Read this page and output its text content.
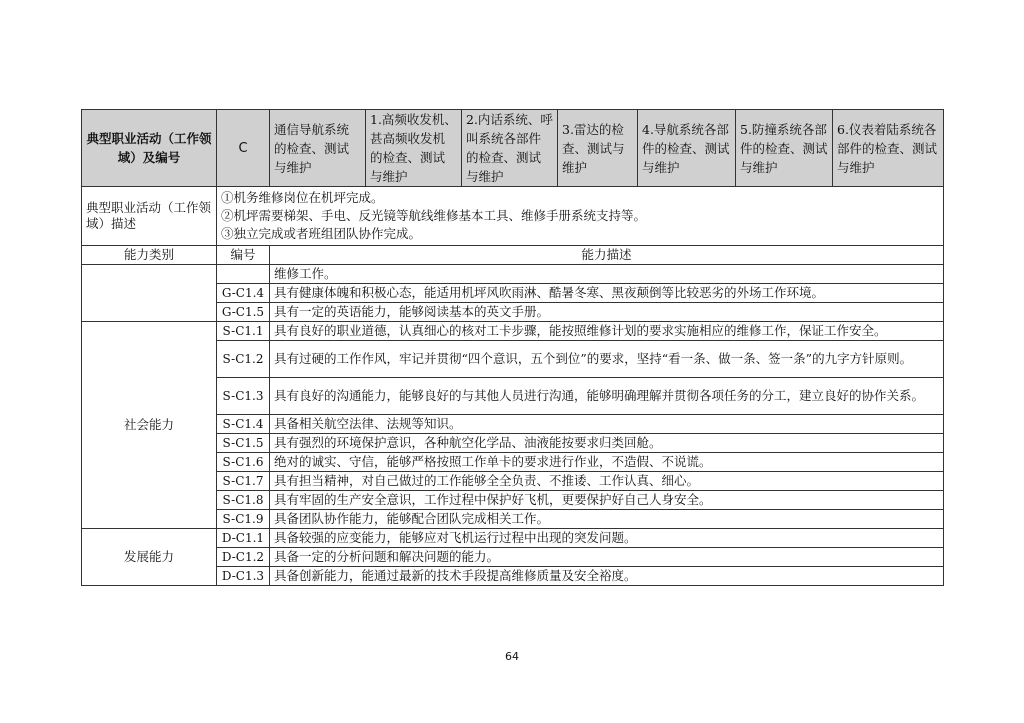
典型职业活动（工作领域）及编号	C	通信导航系统的检查、测试与维护	1.高频收发机、甚高频收发机的检查、测试与维护	2.内话系统、呼叫系统各部件的检查、测试与维护	3.雷达的检查、测试与维护	4.导航系统各部件的检查、测试与维护	5.防撞系统各部件的检查、测试与维护	6.仪表着陆系统各部件的检查、测试与维护
典型职业活动（工作领域）描述	①机务维修岗位在机坪完成。
②机坪需要梯架、手电、反光镜等航线维修基本工具、维修手册系统支持等。
③独立完成或者班组团队协作完成。							

能力类别	编号	能力描述						
		维修工作。						
	G-C1.4	具有健康体魄和积极心态，能适用机坪风吹雨淋、酷暑冬寒、黑夜颠倒等比较恶劣的外场工作环境。						
	G-C1.5	具有一定的英语能力，能够阅读基本的英文手册。						
社会能力	S-C1.1	具有良好的职业道德，认真细心的核对工卡步骤，能按照维修计划的要求实施相应的维修工作，保证工作安全。						
	S-C1.2	具有过硬的工作作风，牢记并贯彻“四个意识，五个到位”的要求，坚持“看一条、做一条、签一条”的九字方针原则。						
	S-C1.3	具有良好的沟通能力，能够良好的与其他人员进行沟通，能够明确理解并贯彻各项任务的分工，建立良好的协作关系。						
	S-C1.4	具备相关航空法律、法规等知识。						
	S-C1.5	具有强烈的环境保护意识，各种航空化学品、油液能按要求归类回舱。						
	S-C1.6	绝对的诚实、守信，能够严格按照工作单卡的要求进行作业，不造假、不说谎。						
	S-C1.7	具有担当精神，对自己做过的工作能够全全负责、不推诿、工作认真、细心。						
	S-C1.8	具有牢固的生产安全意识，工作过程中保护好飞机，更要保护好自己人身安全。						
	S-C1.9	具备团队协作能力，能够配合团队完成相关工作。						
发展能力	D-C1.1	具备较强的应变能力，能够应对飞机运行过程中出现的突发问题。						
	D-C1.2	具备一定的分析问题和解决问题的能力。						
	D-C1.3	具备创新能力，能通过最新的技术手段提高维修质量及安全裕度。						
64
